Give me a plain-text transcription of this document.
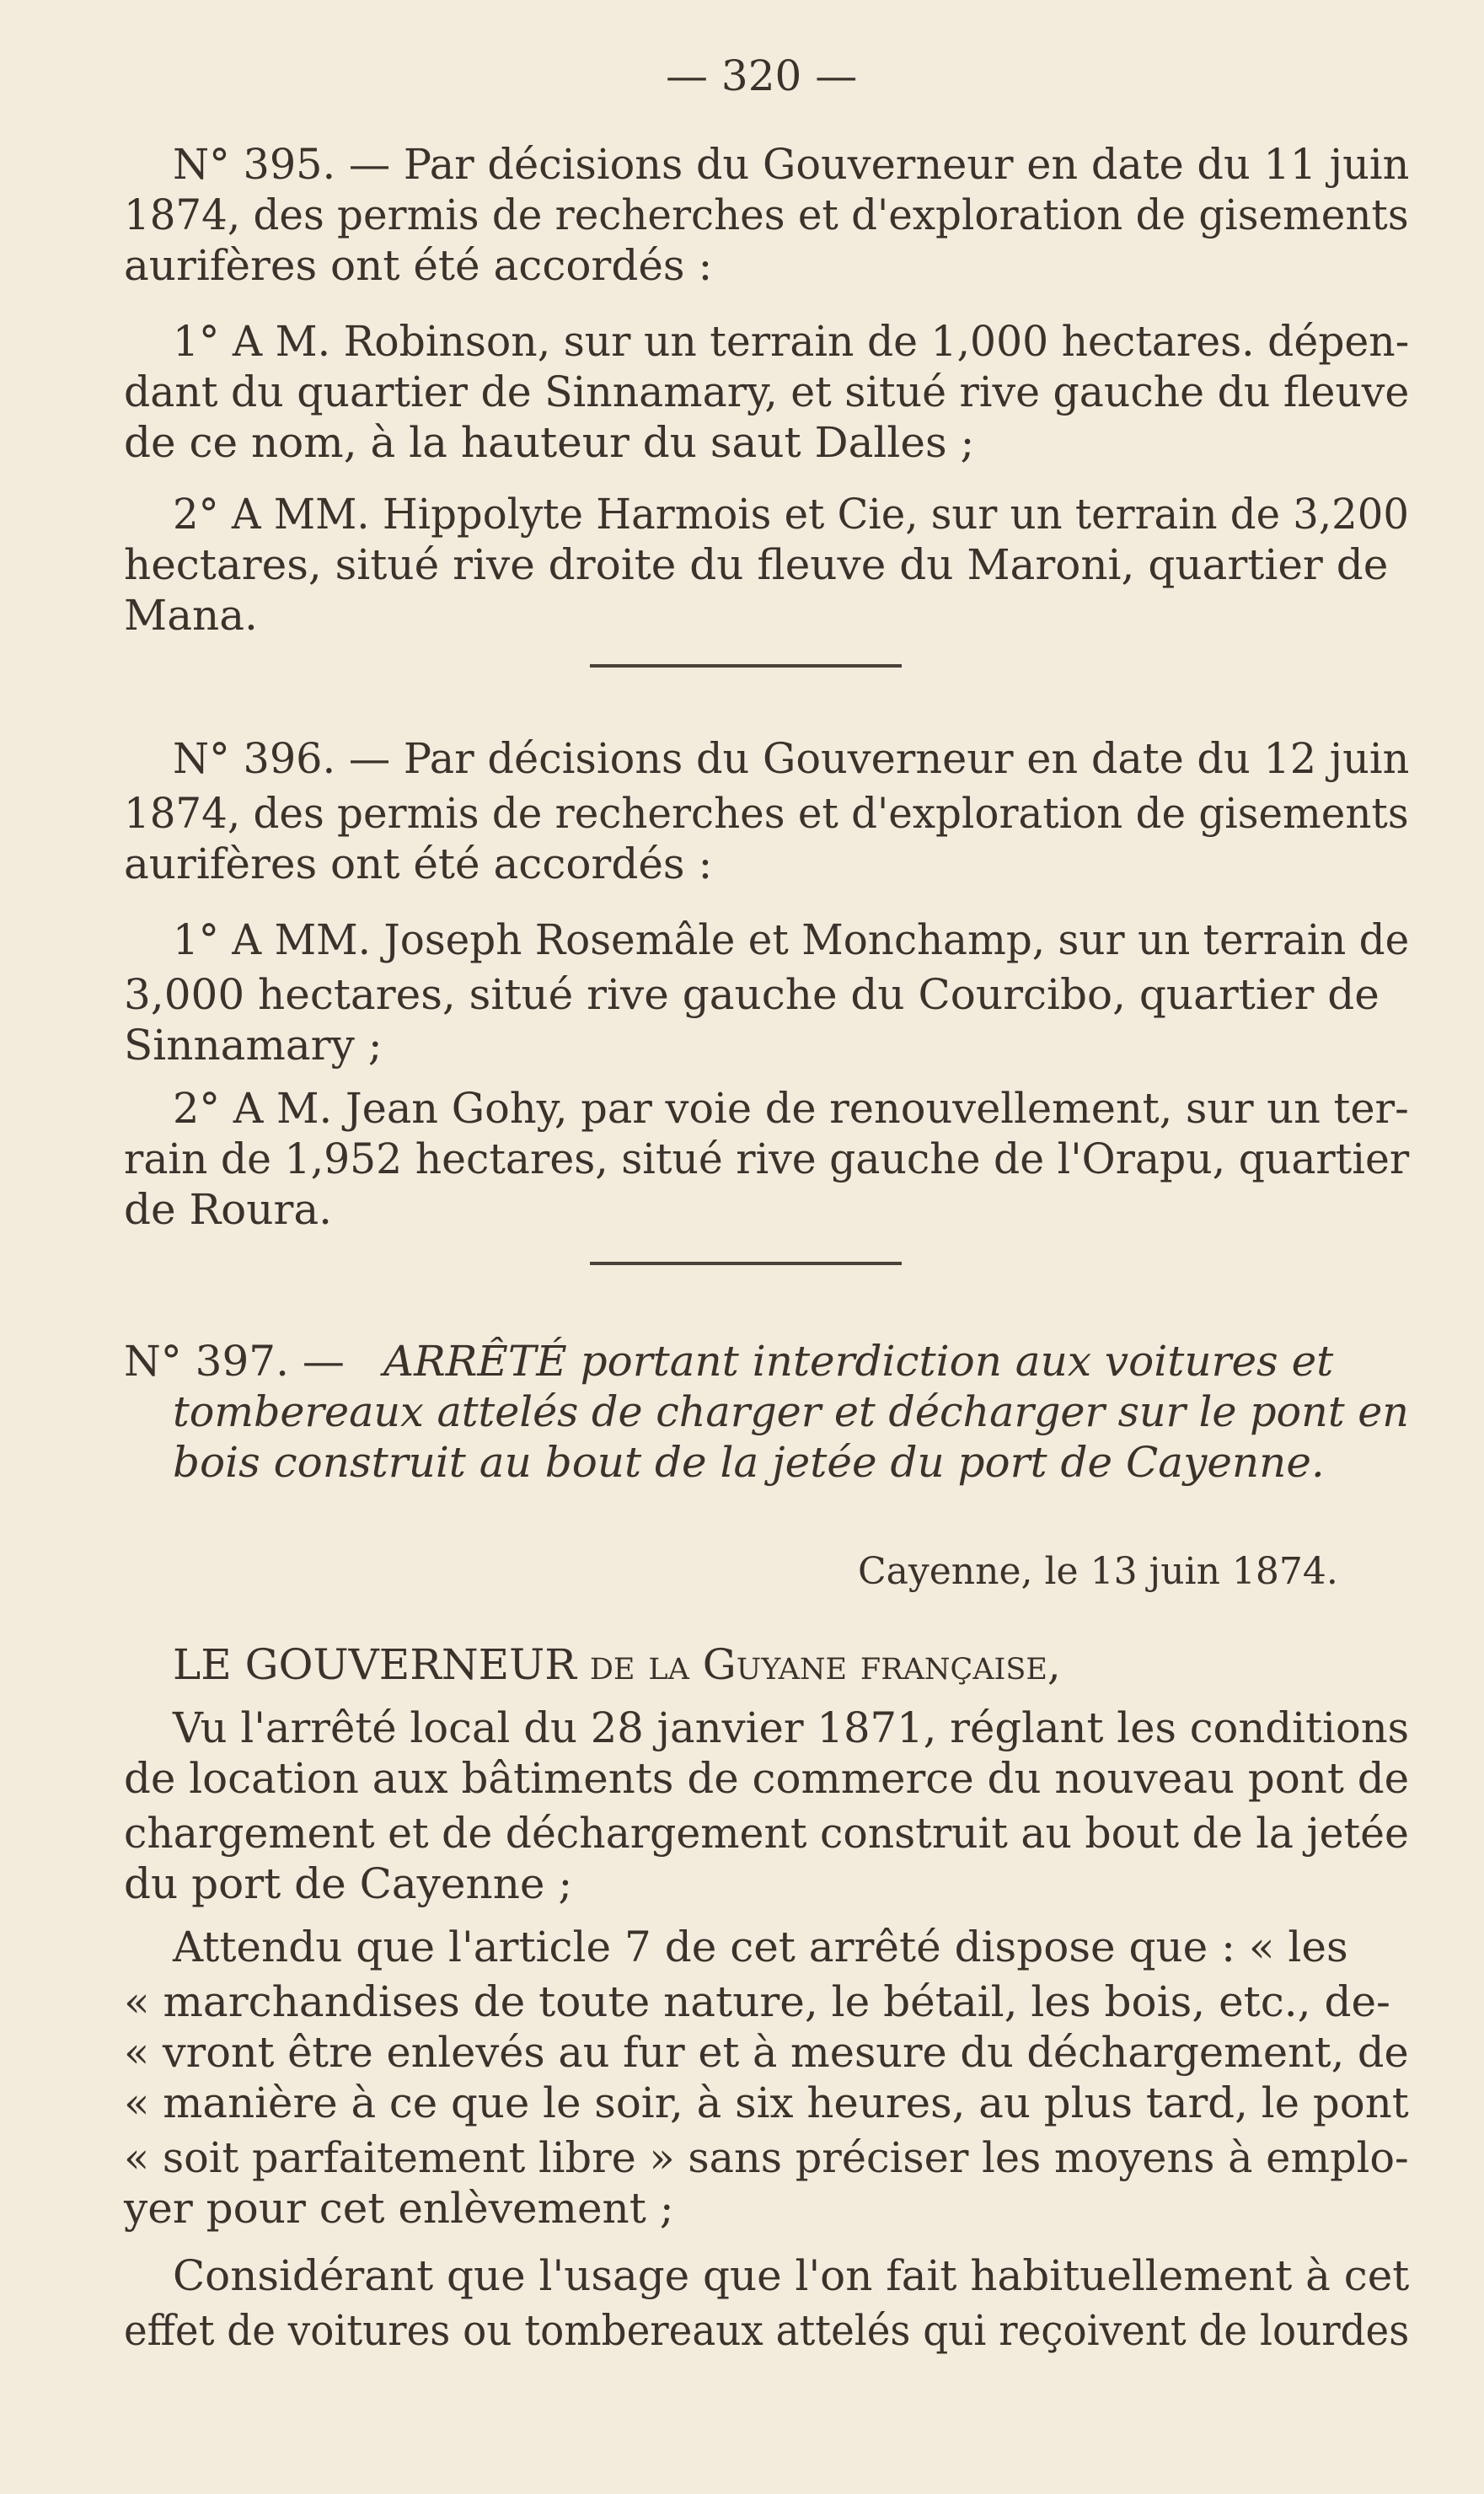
— 320 —

N° 395. — Par décisions du Gouverneur en date du 11 juin

1874, des permis de recherches et d'exploration de gisements

aurifères ont été accordés :

1° A M. Robinson, sur un terrain de 1,000 hectares. dépen-

dant du quartier de Sinnamary, et situé rive gauche du fleuve

de ce nom, à la hauteur du saut Dalles ;

2° A MM. Hippolyte Harmois et Cie, sur un terrain de 3,200

hectares, situé rive droite du fleuve du Maroni, quartier de

Mana.

N° 396. — Par décisions du Gouverneur en date du 12 juin

1874, des permis de recherches et d'exploration de gisements

aurifères ont été accordés :

1° A MM. Joseph Rosemâle et Monchamp, sur un terrain de

3,000 hectares, situé rive gauche du Courcibo, quartier de

Sinnamary ;

2° A M. Jean Gohy, par voie de renouvellement, sur un ter-

rain de 1,952 hectares, situé rive gauche de l'Orapu, quartier

de Roura.

N° 397. — ARRÊTÉ portant interdiction aux voitures et

tombereaux attelés de charger et décharger sur le pont en

bois construit au bout de la jetée du port de Cayenne.

Cayenne, le 13 juin 1874.

LE GOUVERNEUR de la Guyane française,

Vu l'arrêté local du 28 janvier 1871, réglant les conditions

de location aux bâtiments de commerce du nouveau pont de

chargement et de déchargement construit au bout de la jetée

du port de Cayenne ;

Attendu que l'article 7 de cet arrêté dispose que : « les

« marchandises de toute nature, le bétail, les bois, etc., de-

« vront être enlevés au fur et à mesure du déchargement, de

« manière à ce que le soir, à six heures, au plus tard, le pont

« soit parfaitement libre » sans préciser les moyens à emplo-

yer pour cet enlèvement ;

Considérant que l'usage que l'on fait habituellement à cet

effet de voitures ou tombereaux attelés qui reçoivent de lourdes
